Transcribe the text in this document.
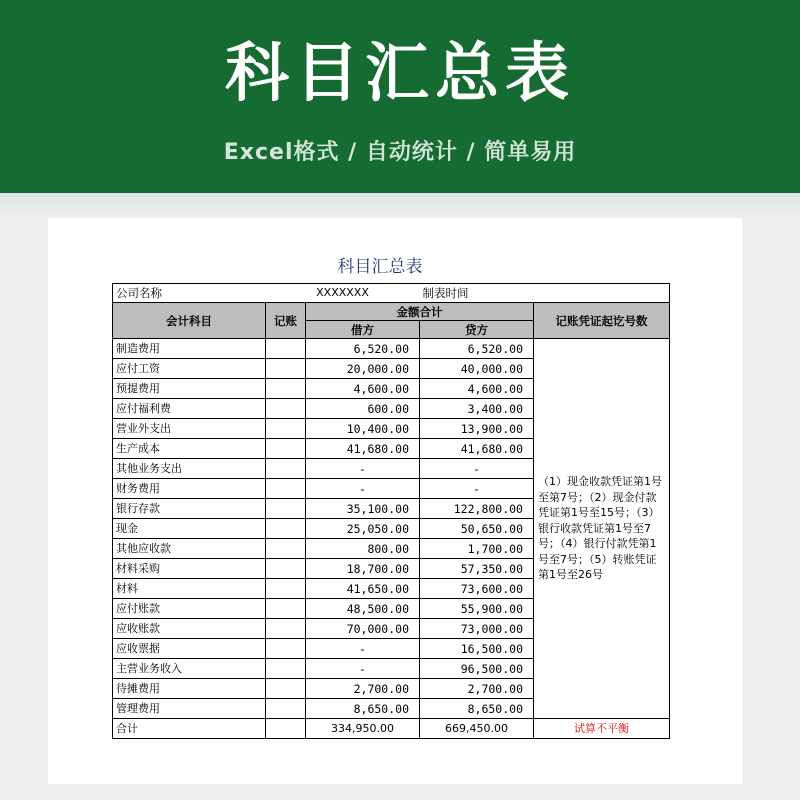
科目汇总表
Excel格式 / 自动统计 / 简单易用
科目汇总表
公司名称	XXXXXXX		制表时间	
会计科目	记账	金额合计		记账凭证起讫号数
		借方	贷方	
制造费用		6,520.00	6,520.00	（1）现金收款凭证第1号至第7号；（2）现金付款凭证第1号至15号；（3）银行收款凭证第1号至7号；（4）银行付款凭第1号至7号；（5）转账凭证第1号至26号
应付工资		20,000.00	40,000.00	
预提费用		4,600.00	4,600.00	
应付福利费		600.00	3,400.00	
营业外支出		10,400.00	13,900.00	
生产成本		41,680.00	41,680.00	
其他业务支出		-	-	
财务费用		-	-	
银行存款		35,100.00	122,800.00	
现金		25,050.00	50,650.00	
其他应收款		800.00	1,700.00	
材料采购		18,700.00	57,350.00	
材料		41,650.00	73,600.00	
应付账款		48,500.00	55,900.00	
应收账款		70,000.00	73,000.00	
应收票据		-	16,500.00	
主营业务收入		-	96,500.00	
待摊费用		2,700.00	2,700.00	
管理费用		8,650.00	8,650.00	
合计		334,950.00	669,450.00	试算不平衡
